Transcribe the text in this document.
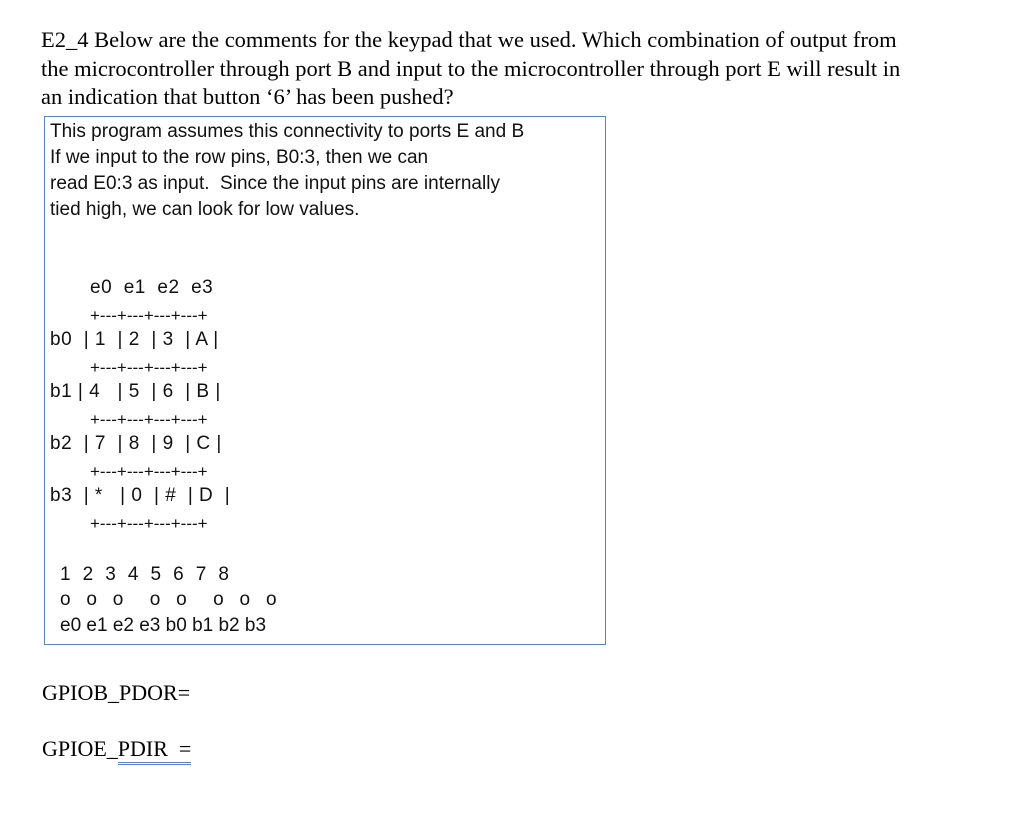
E2_4 Below are the comments for the keypad that we used. Which combination of output from
the microcontroller through port B and input to the microcontroller through port E will result in
an indication that button ‘6’ has been pushed?
This program assumes this connectivity to ports E and B
If we input to the row pins, B0:3, then we can
read E0:3 as input.  Since the input pins are internally
tied high, we can look for low values.
e0  e1  e2  e3
+---+---+---+---+
b0  | 1  | 2  | 3  | A |
+---+---+---+---+
b1 | 4   | 5  | 6  | B |
+---+---+---+---+
b2  | 7  | 8  | 9  | C |
+---+---+---+---+
b3  | *   | 0  | #  | D  |
+---+---+---+---+
1  2  3  4  5  6  7  8
o   o   o     o   o     o   o   o
e0 e1 e2 e3 b0 b1 b2 b3
GPIOB_PDOR=
GPIOE_PDIR  =
